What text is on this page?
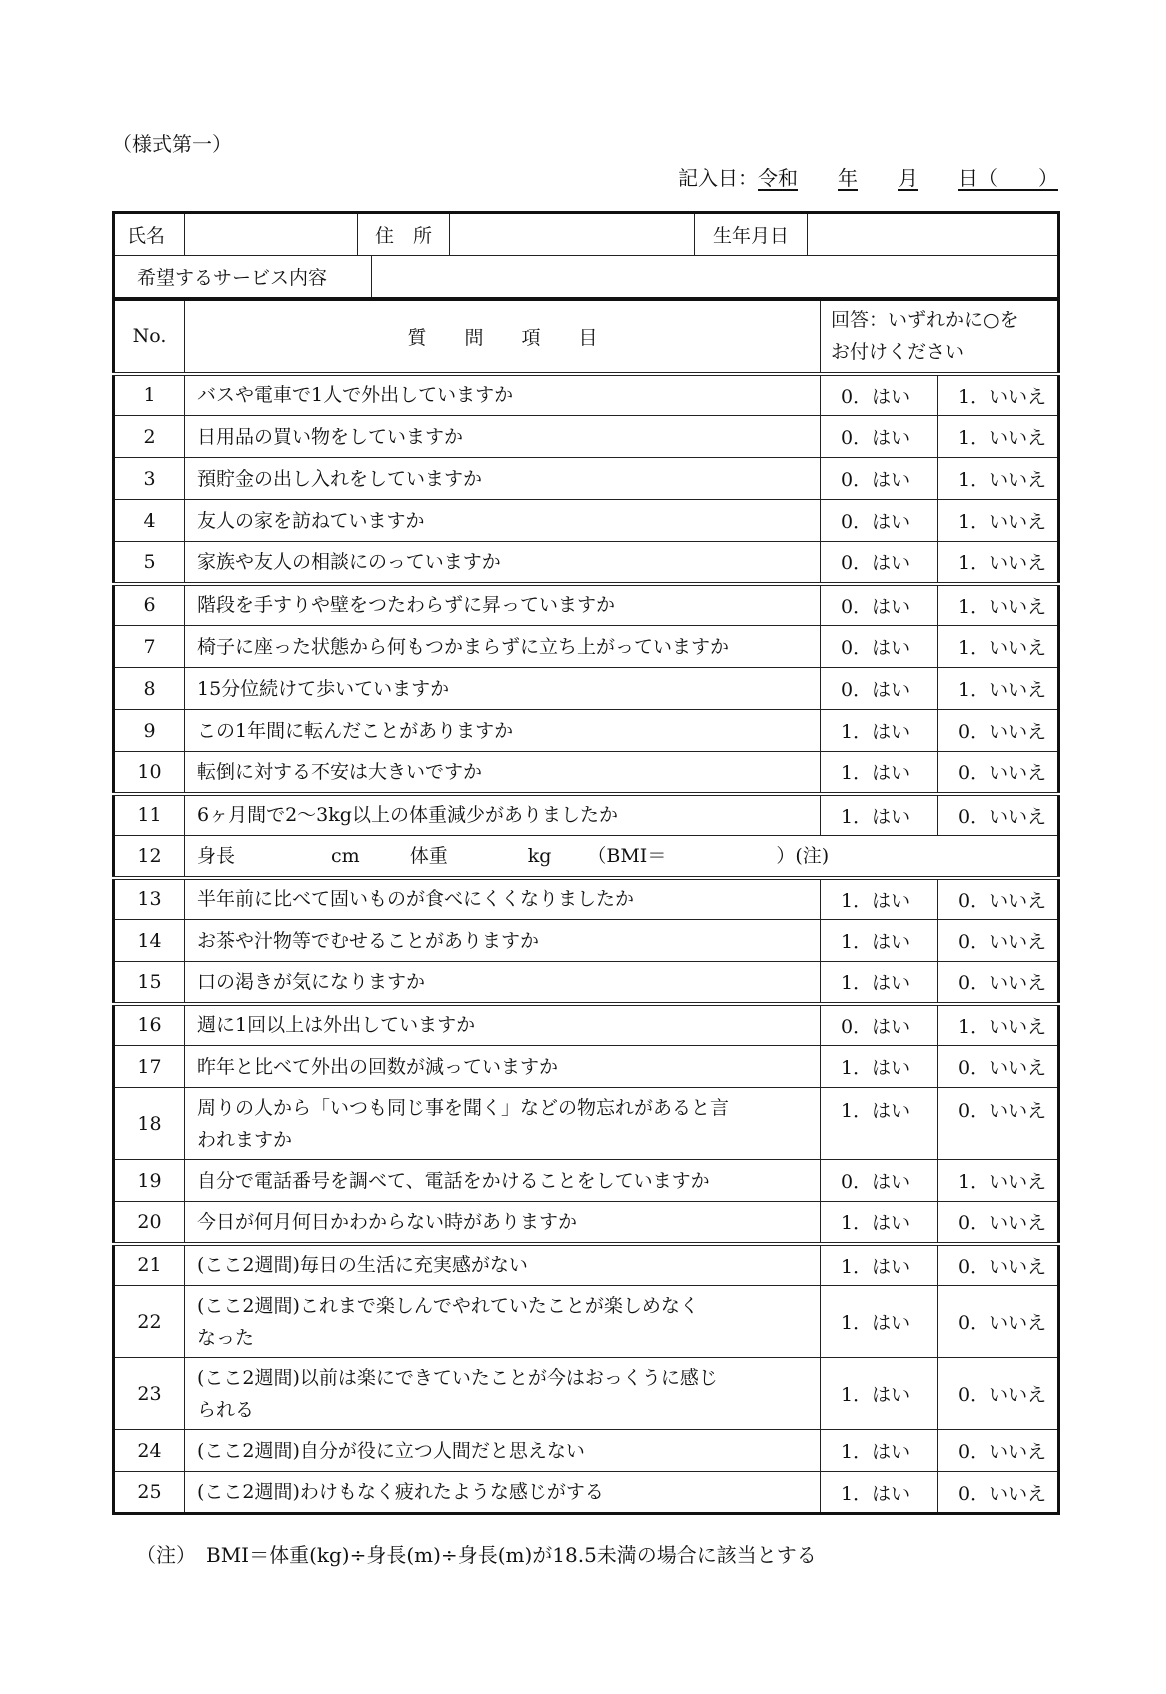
（様式第一）
記入日：令和 年 月 日（　　）
氏名		住　所			生年月日	
希望するサービス内容						
No.	質　　問　　項　　目	回答：いずれかに○を
お付けください	

1	バスや電車で1人で外出していますか	0．はい	1．いいえ
2	日用品の買い物をしていますか	0．はい	1．いいえ
3	預貯金の出し入れをしていますか	0．はい	1．いいえ
4	友人の家を訪ねていますか	0．はい	1．いいえ
5	家族や友人の相談にのっていますか	0．はい	1．いいえ
6	階段を手すりや壁をつたわらずに昇っていますか	0．はい	1．いいえ
7	椅子に座った状態から何もつかまらずに立ち上がっていますか	0．はい	1．いいえ
8	15分位続けて歩いていますか	0．はい	1．いいえ
9	この1年間に転んだことがありますか	1．はい	0．いいえ
10	転倒に対する不安は大きいですか	1．はい	0．いいえ
11	6ヶ月間で2～3kg以上の体重減少がありましたか	1．はい	0．いいえ
12	身長 cm 体重 kg （BMI＝ ）(注)		
13	半年前に比べて固いものが食べにくくなりましたか	1．はい	0．いいえ
14	お茶や汁物等でむせることがありますか	1．はい	0．いいえ
15	口の渇きが気になりますか	1．はい	0．いいえ
16	週に1回以上は外出していますか	0．はい	1．いいえ
17	昨年と比べて外出の回数が減っていますか	1．はい	0．いいえ
18	周りの人から「いつも同じ事を聞く」などの物忘れがあると言
われますか	1．はい	0．いいえ
19	自分で電話番号を調べて、電話をかけることをしていますか	0．はい	1．いいえ
20	今日が何月何日かわからない時がありますか	1．はい	0．いいえ
21	(ここ2週間)毎日の生活に充実感がない	1．はい	0．いいえ
22	(ここ2週間)これまで楽しんでやれていたことが楽しめなく
なった	1．はい	0．いいえ
23	(ここ2週間)以前は楽にできていたことが今はおっくうに感じ
られる	1．はい	0．いいえ
24	(ここ2週間)自分が役に立つ人間だと思えない	1．はい	0．いいえ
25	(ここ2週間)わけもなく疲れたような感じがする	1．はい	0．いいえ
（注）　BMI＝体重(kg)÷身長(m)÷身長(m)が18.5未満の場合に該当とする
